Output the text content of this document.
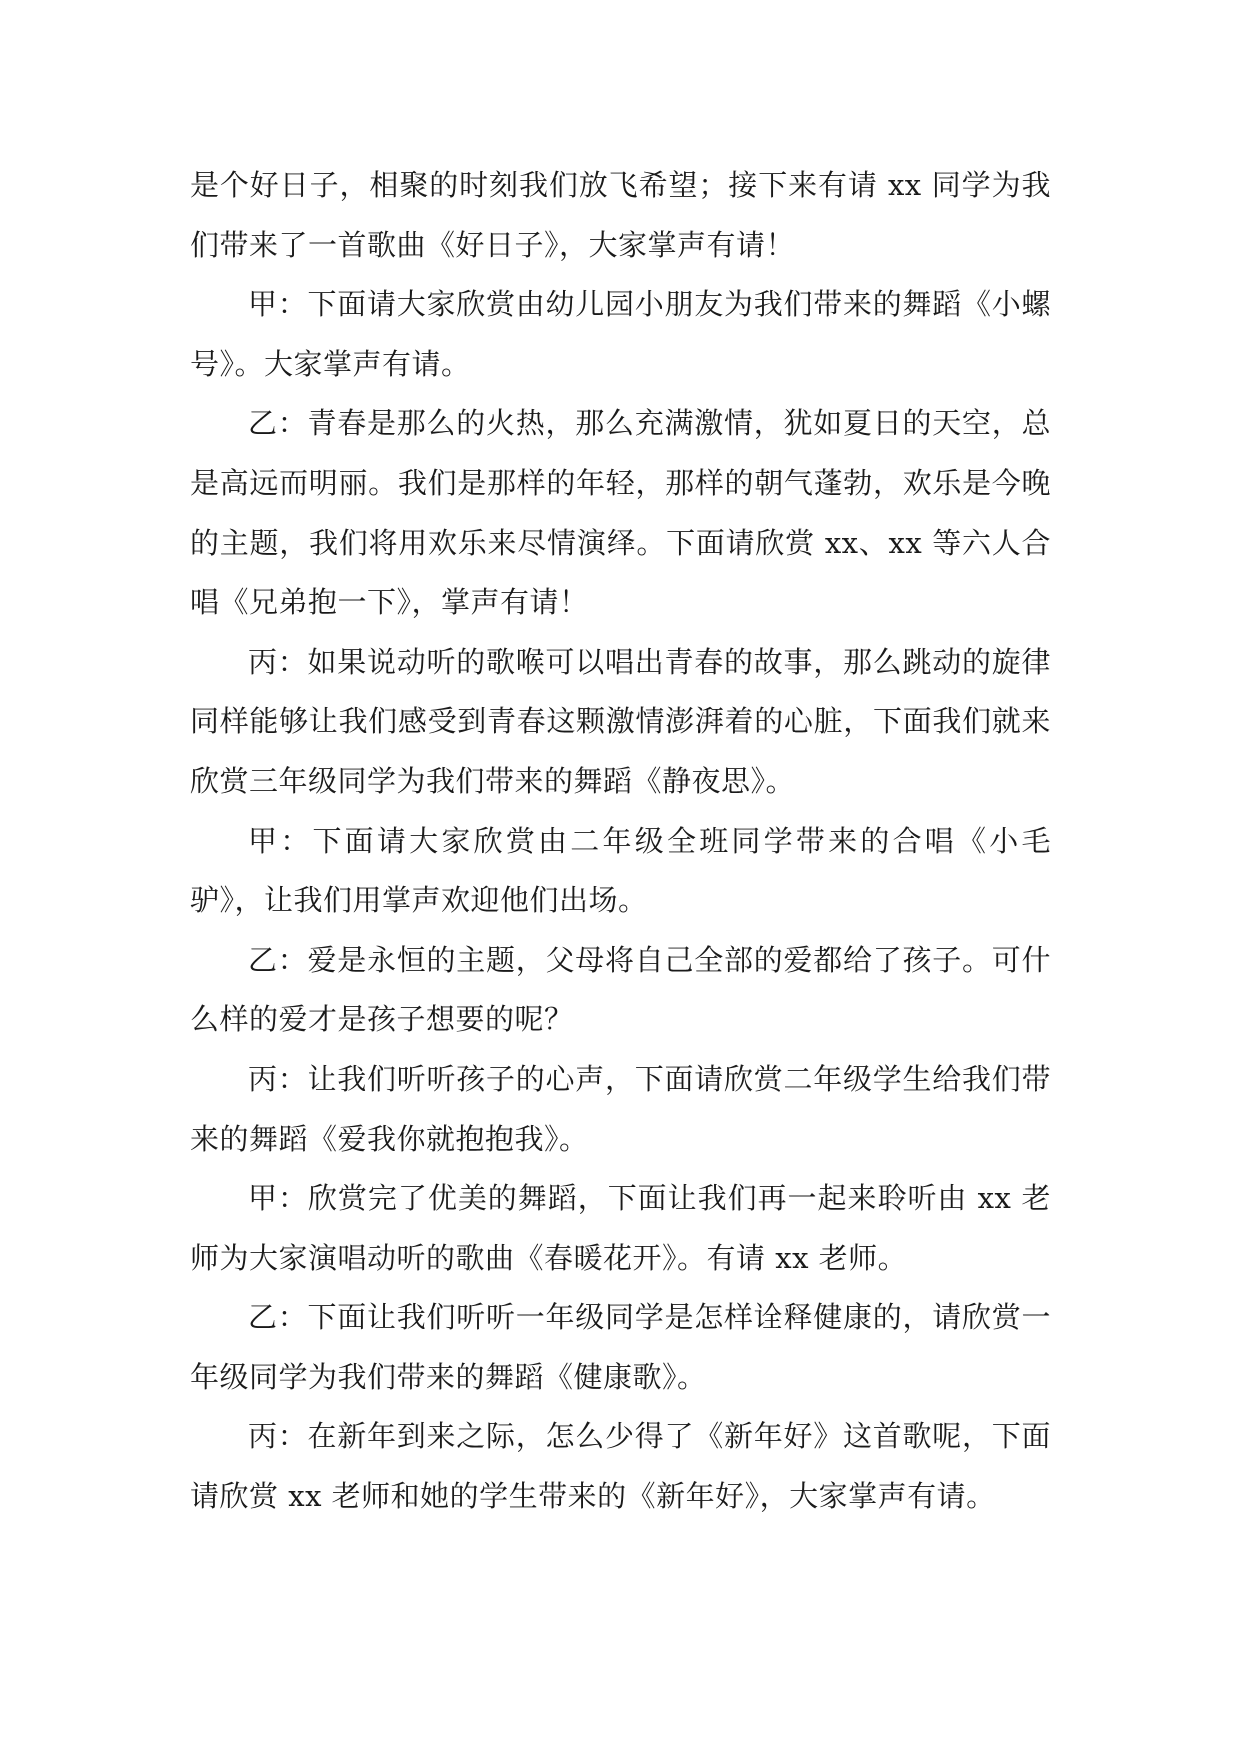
是个好日子，相聚的时刻我们放飞希望；接下来有请 xx 同学为我们带来了一首歌曲《好日子》，大家掌声有请！

甲：下面请大家欣赏由幼儿园小朋友为我们带来的舞蹈《小螺号》。大家掌声有请。

乙：青春是那么的火热，那么充满激情，犹如夏日的天空，总是高远而明丽。我们是那样的年轻，那样的朝气蓬勃，欢乐是今晚的主题，我们将用欢乐来尽情演绎。下面请欣赏 xx、xx 等六人合唱《兄弟抱一下》，掌声有请！

丙：如果说动听的歌喉可以唱出青春的故事，那么跳动的旋律同样能够让我们感受到青春这颗激情澎湃着的心脏，下面我们就来欣赏三年级同学为我们带来的舞蹈《静夜思》。

甲：下面请大家欣赏由二年级全班同学带来的合唱《小毛驴》，让我们用掌声欢迎他们出场。

乙：爱是永恒的主题，父母将自己全部的爱都给了孩子。可什么样的爱才是孩子想要的呢？

丙：让我们听听孩子的心声，下面请欣赏二年级学生给我们带来的舞蹈《爱我你就抱抱我》。

甲：欣赏完了优美的舞蹈，下面让我们再一起来聆听由 xx 老师为大家演唱动听的歌曲《春暖花开》。有请 xx 老师。

乙：下面让我们听听一年级同学是怎样诠释健康的，请欣赏一年级同学为我们带来的舞蹈《健康歌》。

丙：在新年到来之际，怎么少得了《新年好》这首歌呢，下面请欣赏 xx 老师和她的学生带来的《新年好》，大家掌声有请。
